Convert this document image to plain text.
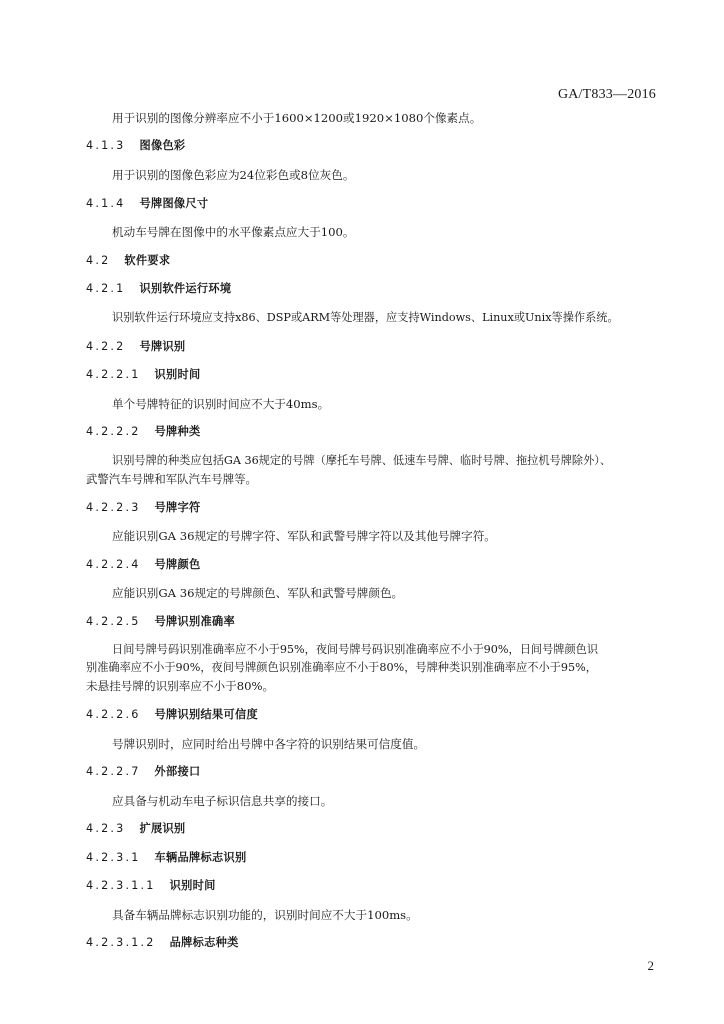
GA/T833—2016
用于识别的图像分辨率应不小于1600×1200或1920×1080个像素点。
4.1.3 图像色彩
用于识别的图像色彩应为24位彩色或8位灰色。
4.1.4 号牌图像尺寸
机动车号牌在图像中的水平像素点应大于100。
4.2 软件要求
4.2.1 识别软件运行环境
识别软件运行环境应支持x86、DSP或ARM等处理器，应支持Windows、Linux或Unix等操作系统。
4.2.2 号牌识别
4.2.2.1 识别时间
单个号牌特征的识别时间应不大于40ms。
4.2.2.2 号牌种类
识别号牌的种类应包括GA 36规定的号牌（摩托车号牌、低速车号牌、临时号牌、拖拉机号牌除外）、
武警汽车号牌和军队汽车号牌等。
4.2.2.3 号牌字符
应能识别GA 36规定的号牌字符、军队和武警号牌字符以及其他号牌字符。
4.2.2.4 号牌颜色
应能识别GA 36规定的号牌颜色、军队和武警号牌颜色。
4.2.2.5 号牌识别准确率
日间号牌号码识别准确率应不小于95%，夜间号牌号码识别准确率应不小于90%，日间号牌颜色识
别准确率应不小于90%，夜间号牌颜色识别准确率应不小于80%，号牌种类识别准确率应不小于95%，
未悬挂号牌的识别率应不小于80%。
4.2.2.6 号牌识别结果可信度
号牌识别时，应同时给出号牌中各字符的识别结果可信度值。
4.2.2.7 外部接口
应具备与机动车电子标识信息共享的接口。
4.2.3 扩展识别
4.2.3.1 车辆品牌标志识别
4.2.3.1.1 识别时间
具备车辆品牌标志识别功能的，识别时间应不大于100ms。
4.2.3.1.2 品牌标志种类
2
